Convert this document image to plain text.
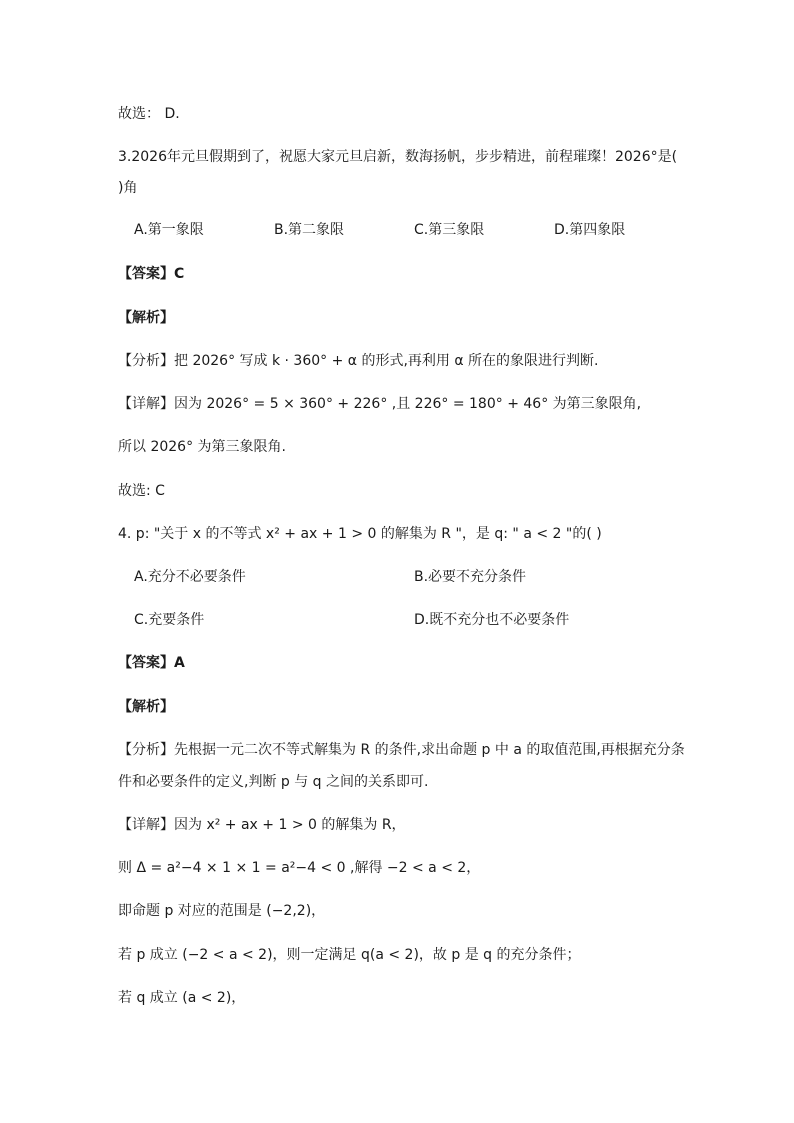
故选： D.
3.2026年元旦假期到了，祝愿大家元旦启新，数海扬帆，步步精进，前程璀璨！2026°是(
)角
A.第一象限	B.第二象限	C.第三象限	D.第四象限
【答案】C
【解析】
【分析】把 2026° 写成 k · 360° + α 的形式,再利用 α 所在的象限进行判断.
【详解】因为 2026° = 5 × 360° + 226° ,且 226° = 180° + 46° 为第三象限角,
所以 2026° 为第三象限角.
故选: C
4. p: "关于 x 的不等式 x² + ax + 1 > 0 的解集为 R "，是 q: " a < 2 "的( )
A.充分不必要条件	B.必要不充分条件
C.充要条件	D.既不充分也不必要条件
【答案】A
【解析】
【分析】先根据一元二次不等式解集为 R 的条件,求出命题 p 中 a 的取值范围,再根据充分条
件和必要条件的定义,判断 p 与 q 之间的关系即可.
【详解】因为 x² + ax + 1 > 0 的解集为 R，
则 Δ = a²−4 × 1 × 1 = a²−4 < 0 ,解得 −2 < a < 2，
即命题 p 对应的范围是 (−2,2)，
若 p 成立 (−2 < a < 2)，则一定满足 q(a < 2)，故 p 是 q 的充分条件；
若 q 成立 (a < 2)，
